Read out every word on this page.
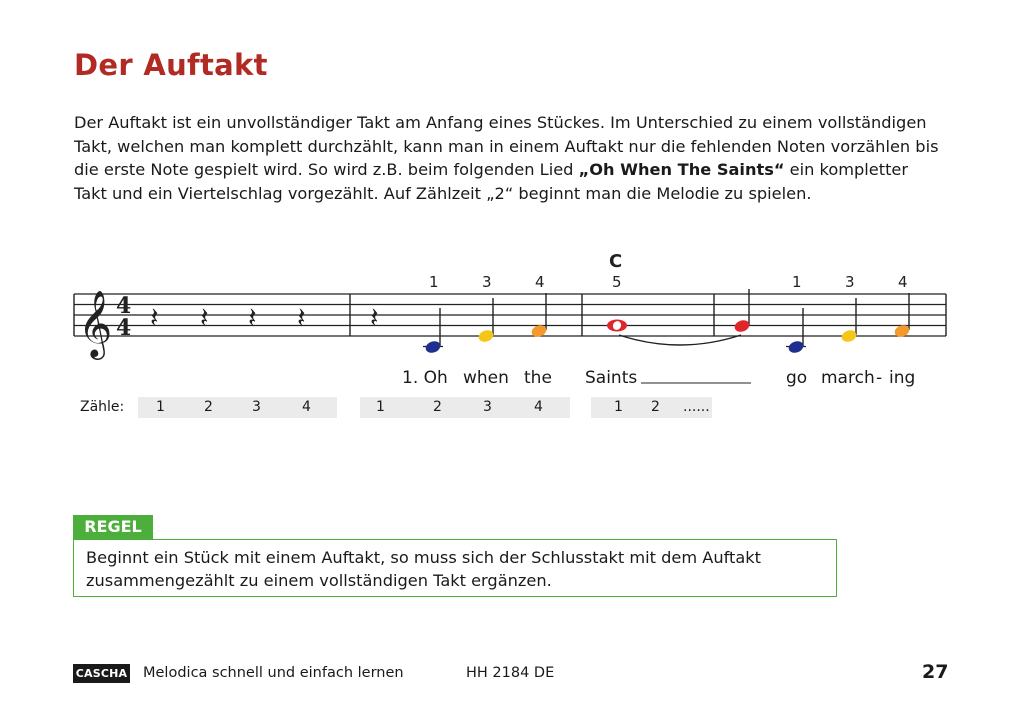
Der Auftakt
Der Auftakt ist ein unvollständiger Takt am Anfang eines Stückes. Im Unterschied zu einem vollständigen Takt, welchen man komplett durchzählt, kann man in einem Auftakt nur die fehlenden Noten vorzählen bis die erste Note gespielt wird. So wird z.B. beim folgenden Lied „Oh When The Saints“ ein kompletter Takt und ein Viertelschlag vorgezählt. Auf Zählzeit „2“ beginnt man die Melodie zu spielen.
𝄞 4
4 𝄽 𝄽 𝄽 𝄽 𝄽
C
1	3	4	5	1	3	4
1. Oh when the Saints	go march - ing
Zähle: 1	2	3	4	1	2	3	4	1 2 ......
REGEL
Beginnt ein Stück mit einem Auftakt, so muss sich der Schlusstakt mit dem Auftakt zusammengezählt zu einem vollständigen Takt ergänzen.
CASCHA Melodica schnell und einfach lernen	HH 2184 DE	27
